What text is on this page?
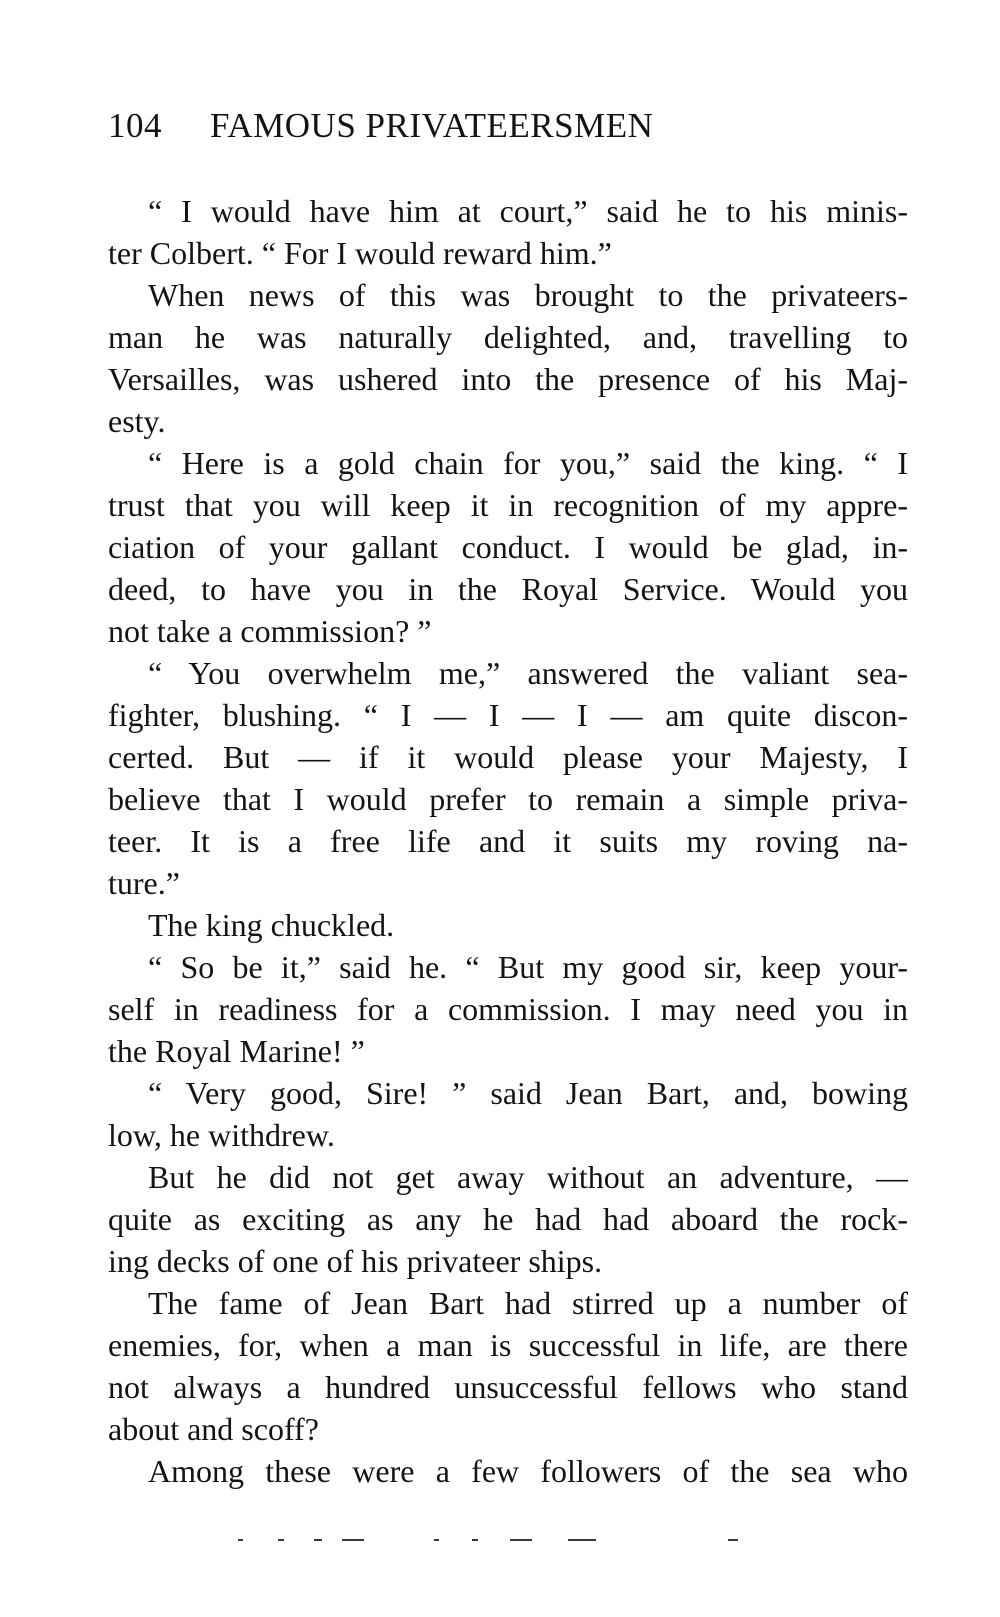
104 FAMOUS PRIVATEERSMEN
“ I would have him at court,” said he to his minis-
ter Colbert. “ For I would reward him.”
When news of this was brought to the privateers-
man he was naturally delighted, and, travelling to
Versailles, was ushered into the presence of his Maj-
esty.
“ Here is a gold chain for you,” said the king. “ I
trust that you will keep it in recognition of my appre-
ciation of your gallant conduct. I would be glad, in-
deed, to have you in the Royal Service. Would you
not take a commission? ”
“ You overwhelm me,” answered the valiant sea-
fighter, blushing. “ I — I — I — am quite discon-
certed. But — if it would please your Majesty, I
believe that I would prefer to remain a simple priva-
teer. It is a free life and it suits my roving na-
ture.”
The king chuckled.
“ So be it,” said he. “ But my good sir, keep your-
self in readiness for a commission. I may need you in
the Royal Marine! ”
“ Very good, Sire! ” said Jean Bart, and, bowing
low, he withdrew.
But he did not get away without an adventure, —
quite as exciting as any he had had aboard the rock-
ing decks of one of his privateer ships.
The fame of Jean Bart had stirred up a number of
enemies, for, when a man is successful in life, are there
not always a hundred unsuccessful fellows who stand
about and scoff?
Among these were a few followers of the sea who
